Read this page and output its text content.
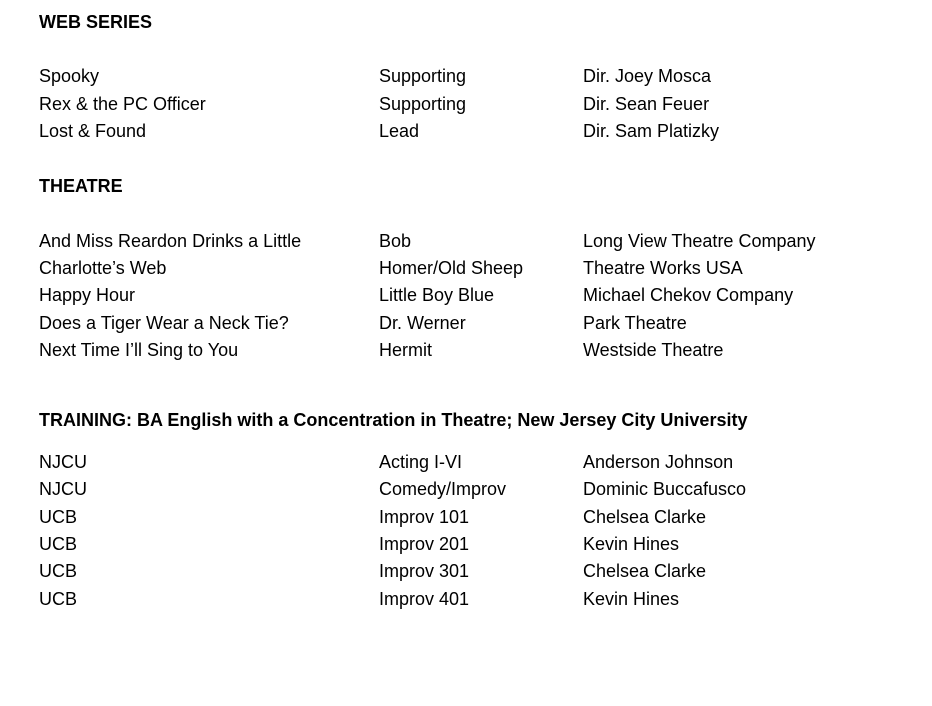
WEB SERIES
Spooky	Supporting	Dir. Joey Mosca
Rex & the PC Officer	Supporting	Dir. Sean Feuer
Lost & Found	Lead	Dir. Sam Platizky
THEATRE
And Miss Reardon Drinks a Little	Bob	Long View Theatre Company
Charlotte’s Web	Homer/Old Sheep	Theatre Works USA
Happy Hour	Little Boy Blue	Michael Chekov Company
Does a Tiger Wear a Neck Tie?	Dr. Werner	Park Theatre
Next Time I’ll Sing to You	Hermit	Westside Theatre
TRAINING: BA English with a Concentration in Theatre; New Jersey City University
NJCU	Acting I-VI	Anderson Johnson
NJCU	Comedy/Improv	Dominic Buccafusco
UCB	Improv 101	Chelsea Clarke
UCB	Improv 201	Kevin Hines
UCB	Improv 301	Chelsea Clarke
UCB	Improv 401	Kevin Hines
